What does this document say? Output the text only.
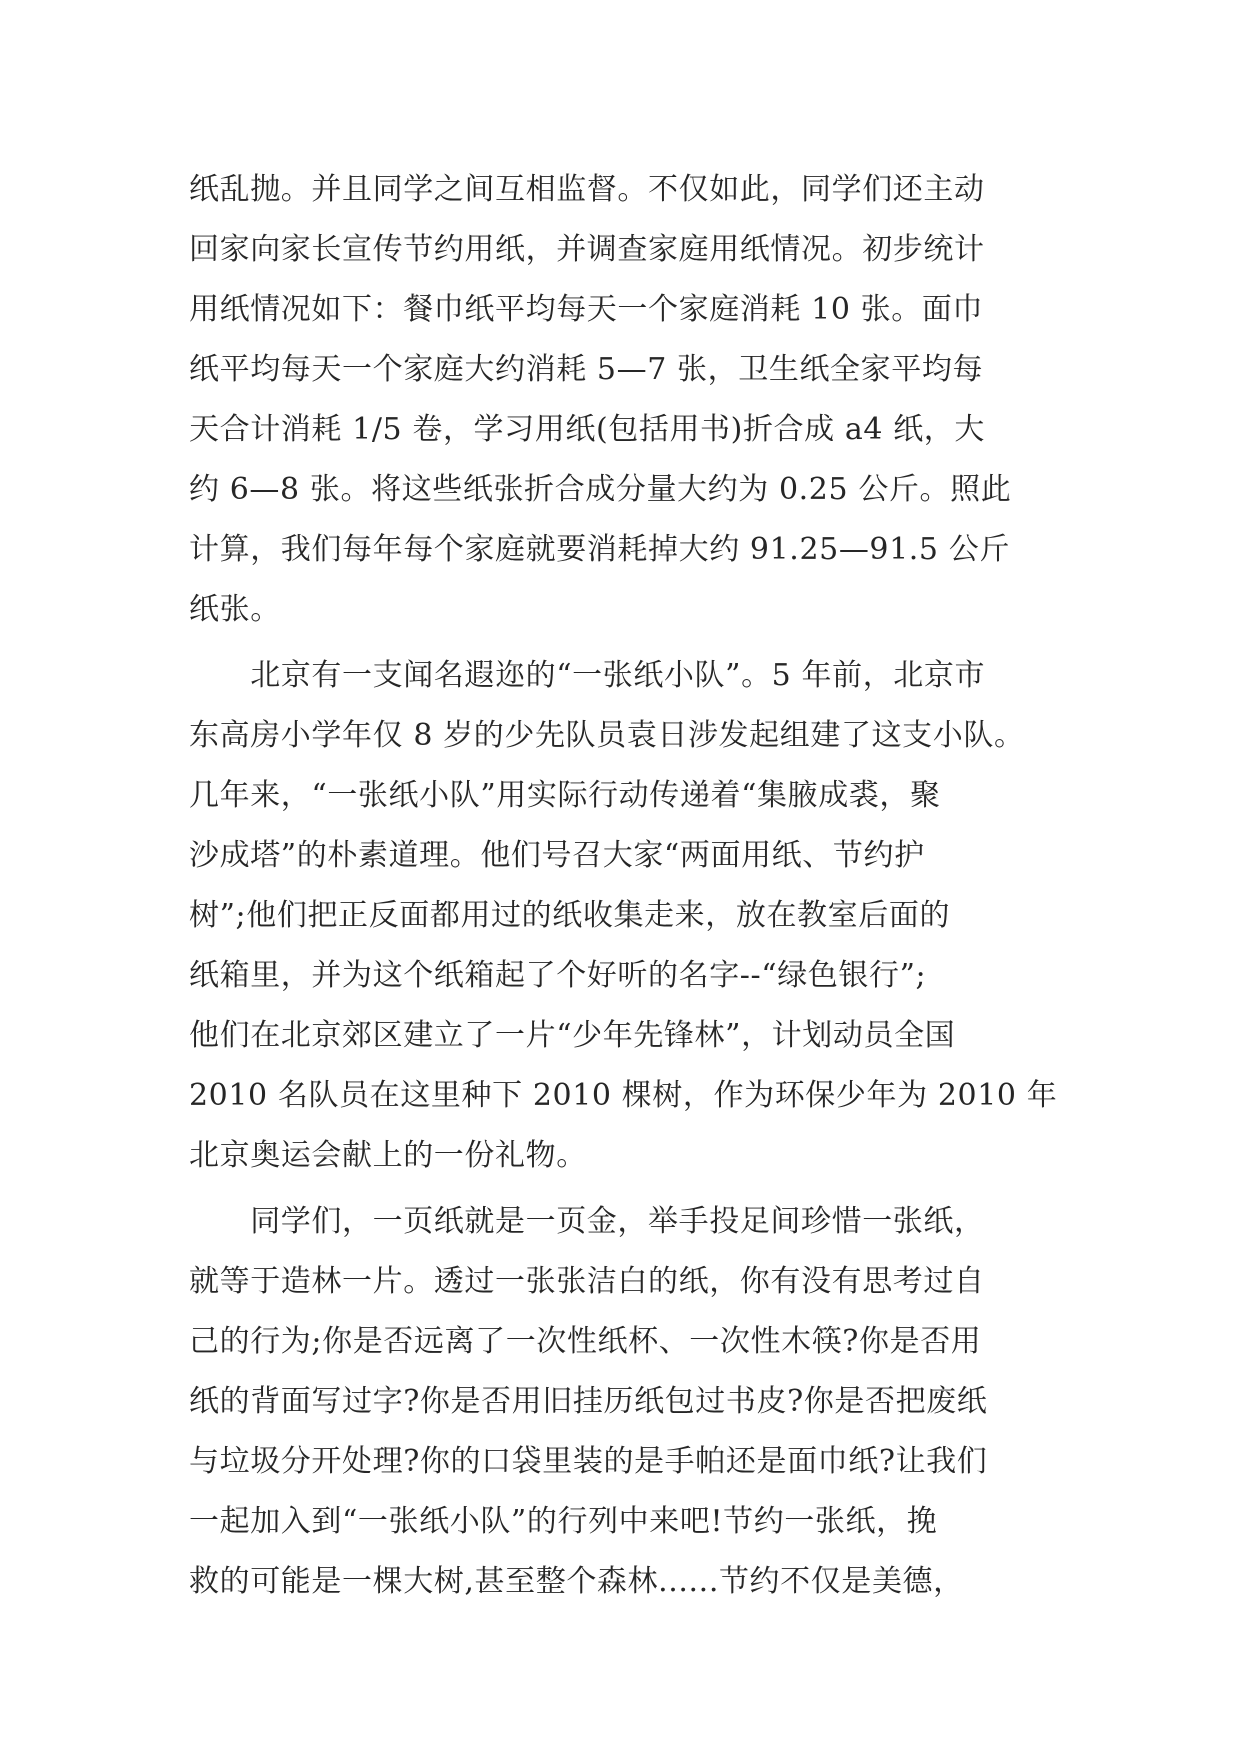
纸乱抛。并且同学之间互相监督。不仅如此，同学们还主动
回家向家长宣传节约用纸，并调查家庭用纸情况。初步统计
用纸情况如下：餐巾纸平均每天一个家庭消耗 10 张。面巾
纸平均每天一个家庭大约消耗 5—7 张，卫生纸全家平均每
天合计消耗 1/5 卷，学习用纸(包括用书)折合成 a4 纸，大
约 6—8 张。将这些纸张折合成分量大约为 0.25 公斤。照此
计算，我们每年每个家庭就要消耗掉大约 91.25—91.5 公斤
纸张。
　　北京有一支闻名遐迩的“一张纸小队”。5 年前，北京市
东高房小学年仅 8 岁的少先队员袁日涉发起组建了这支小队。
几年来，“一张纸小队”用实际行动传递着“集腋成裘，聚
沙成塔”的朴素道理。他们号召大家“两面用纸、节约护
树”;他们把正反面都用过的纸收集走来，放在教室后面的
纸箱里，并为这个纸箱起了个好听的名字--“绿色银行”;
他们在北京郊区建立了一片“少年先锋林”，计划动员全国
2010 名队员在这里种下 2010 棵树，作为环保少年为 2010 年
北京奥运会献上的一份礼物。
　　同学们，一页纸就是一页金，举手投足间珍惜一张纸，
就等于造林一片。透过一张张洁白的纸，你有没有思考过自
己的行为;你是否远离了一次性纸杯、一次性木筷?你是否用
纸的背面写过字?你是否用旧挂历纸包过书皮?你是否把废纸
与垃圾分开处理?你的口袋里装的是手帕还是面巾纸?让我们
一起加入到“一张纸小队”的行列中来吧!节约一张纸，挽
救的可能是一棵大树,甚至整个森林......节约不仅是美德，
